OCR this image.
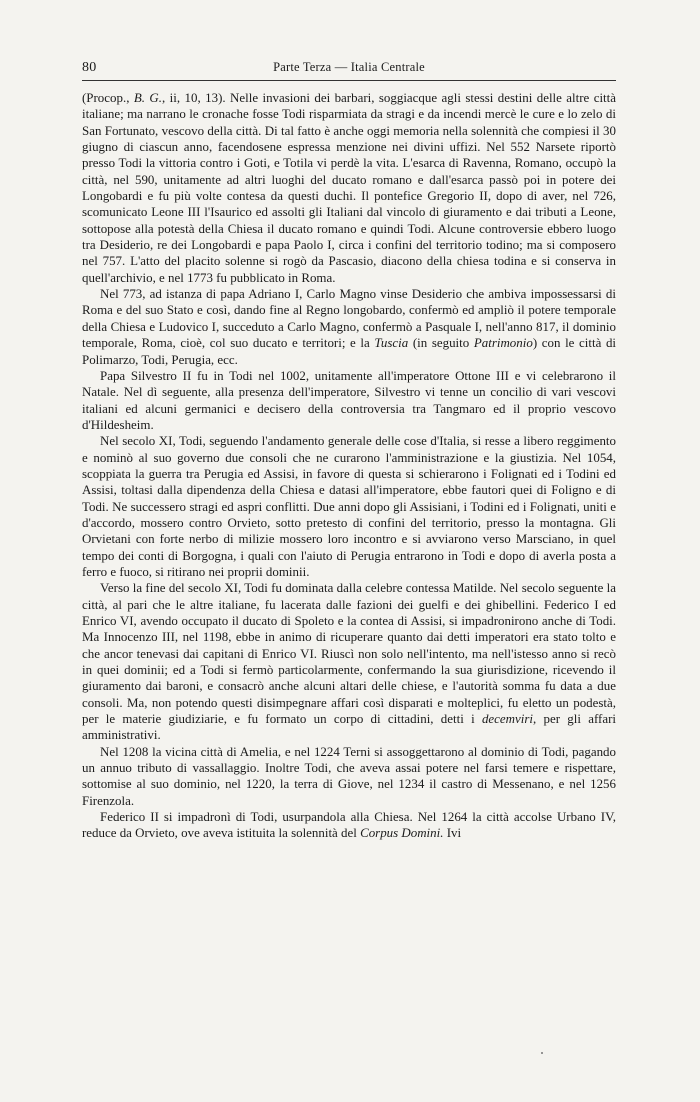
80	Parte Terza — Italia Centrale

(Procop., B. G., ii, 10, 13). Nelle invasioni dei barbari, soggiacque agli stessi destini delle altre città italiane; ma narrano le cronache fosse Todi risparmiata da stragi e da incendi mercè le cure e lo zelo di San Fortunato, vescovo della città. Di tal fatto è anche oggi memoria nella solennità che compiesi il 30 giugno di ciascun anno, facendosene espressa menzione nei divini uffizi. Nel 552 Narsete riportò presso Todi la vittoria contro i Goti, e Totila vi perdè la vita. L'esarca di Ravenna, Romano, occupò la città, nel 590, unitamente ad altri luoghi del ducato romano e dall'esarca passò poi in potere dei Longobardi e fu più volte contesa da questi duchi. Il pontefice Gregorio II, dopo di aver, nel 726, scomunicato Leone III l'Isaurico ed assolti gli Italiani dal vincolo di giuramento e dai tributi a Leone, sottopose alla potestà della Chiesa il ducato romano e quindi Todi. Alcune controversie ebbero luogo tra Desiderio, re dei Longobardi e papa Paolo I, circa i confini del territorio todino; ma si composero nel 757. L'atto del placito solenne si rogò da Pascasio, diacono della chiesa todina e si conserva in quell'archivio, e nel 1773 fu pubblicato in Roma.

Nel 773, ad istanza di papa Adriano I, Carlo Magno vinse Desiderio che ambiva impossessarsi di Roma e del suo Stato e così, dando fine al Regno longobardo, confermò ed ampliò il potere temporale della Chiesa e Ludovico I, succeduto a Carlo Magno, confermò a Pasquale I, nell'anno 817, il dominio temporale, Roma, cioè, col suo ducato e territori; e la Tuscia (in seguito Patrimonio) con le città di Polimarzo, Todi, Perugia, ecc.

Papa Silvestro II fu in Todi nel 1002, unitamente all'imperatore Ottone III e vi celebrarono il Natale. Nel dì seguente, alla presenza dell'imperatore, Silvestro vi tenne un concilio di vari vescovi italiani ed alcuni germanici e decisero della controversia tra Tangmaro ed il proprio vescovo d'Hildesheim.

Nel secolo XI, Todi, seguendo l'andamento generale delle cose d'Italia, si resse a libero reggimento e nominò al suo governo due consoli che ne curarono l'amministrazione e la giustizia. Nel 1054, scoppiata la guerra tra Perugia ed Assisi, in favore di questa si schierarono i Folignati ed i Todini ed Assisi, toltasi dalla dipendenza della Chiesa e datasi all'imperatore, ebbe fautori quei di Foligno e di Todi. Ne successero stragi ed aspri conflitti. Due anni dopo gli Assisiani, i Todini ed i Folignati, uniti e d'accordo, mossero contro Orvieto, sotto pretesto di confini del territorio, presso la montagna. Gli Orvietani con forte nerbo di milizie mossero loro incontro e si avviarono verso Marsciano, in quel tempo dei conti di Borgogna, i quali con l'aiuto di Perugia entrarono in Todi e dopo di averla posta a ferro e fuoco, si ritirano nei proprii dominii.

Verso la fine del secolo XI, Todi fu dominata dalla celebre contessa Matilde. Nel secolo seguente la città, al pari che le altre italiane, fu lacerata dalle fazioni dei guelfi e dei ghibellini. Federico I ed Enrico VI, avendo occupato il ducato di Spoleto e la contea di Assisi, si impadronirono anche di Todi. Ma Innocenzo III, nel 1198, ebbe in animo di ricuperare quanto dai detti imperatori era stato tolto e che ancor tenevasi dai capitani di Enrico VI. Riuscì non solo nell'intento, ma nell'istesso anno si recò in quei dominii; ed a Todi si fermò particolarmente, confermando la sua giurisdizione, ricevendo il giuramento dai baroni, e consacrò anche alcuni altari delle chiese, e l'autorità somma fu data a due consoli. Ma, non potendo questi disimpegnare affari così disparati e molteplici, fu eletto un podestà, per le materie giudiziarie, e fu formato un corpo di cittadini, detti i decemviri, per gli affari amministrativi.

Nel 1208 la vicina città di Amelia, e nel 1224 Terni si assoggettarono al dominio di Todi, pagando un annuo tributo di vassallaggio. Inoltre Todi, che aveva assai potere nel farsi temere e rispettare, sottomise al suo dominio, nel 1220, la terra di Giove, nel 1234 il castro di Messenano, e nel 1256 Firenzola.

Federico II si impadronì di Todi, usurpandola alla Chiesa. Nel 1264 la città accolse Urbano IV, reduce da Orvieto, ove aveva istituita la solennità del Corpus Domini. Ivi
